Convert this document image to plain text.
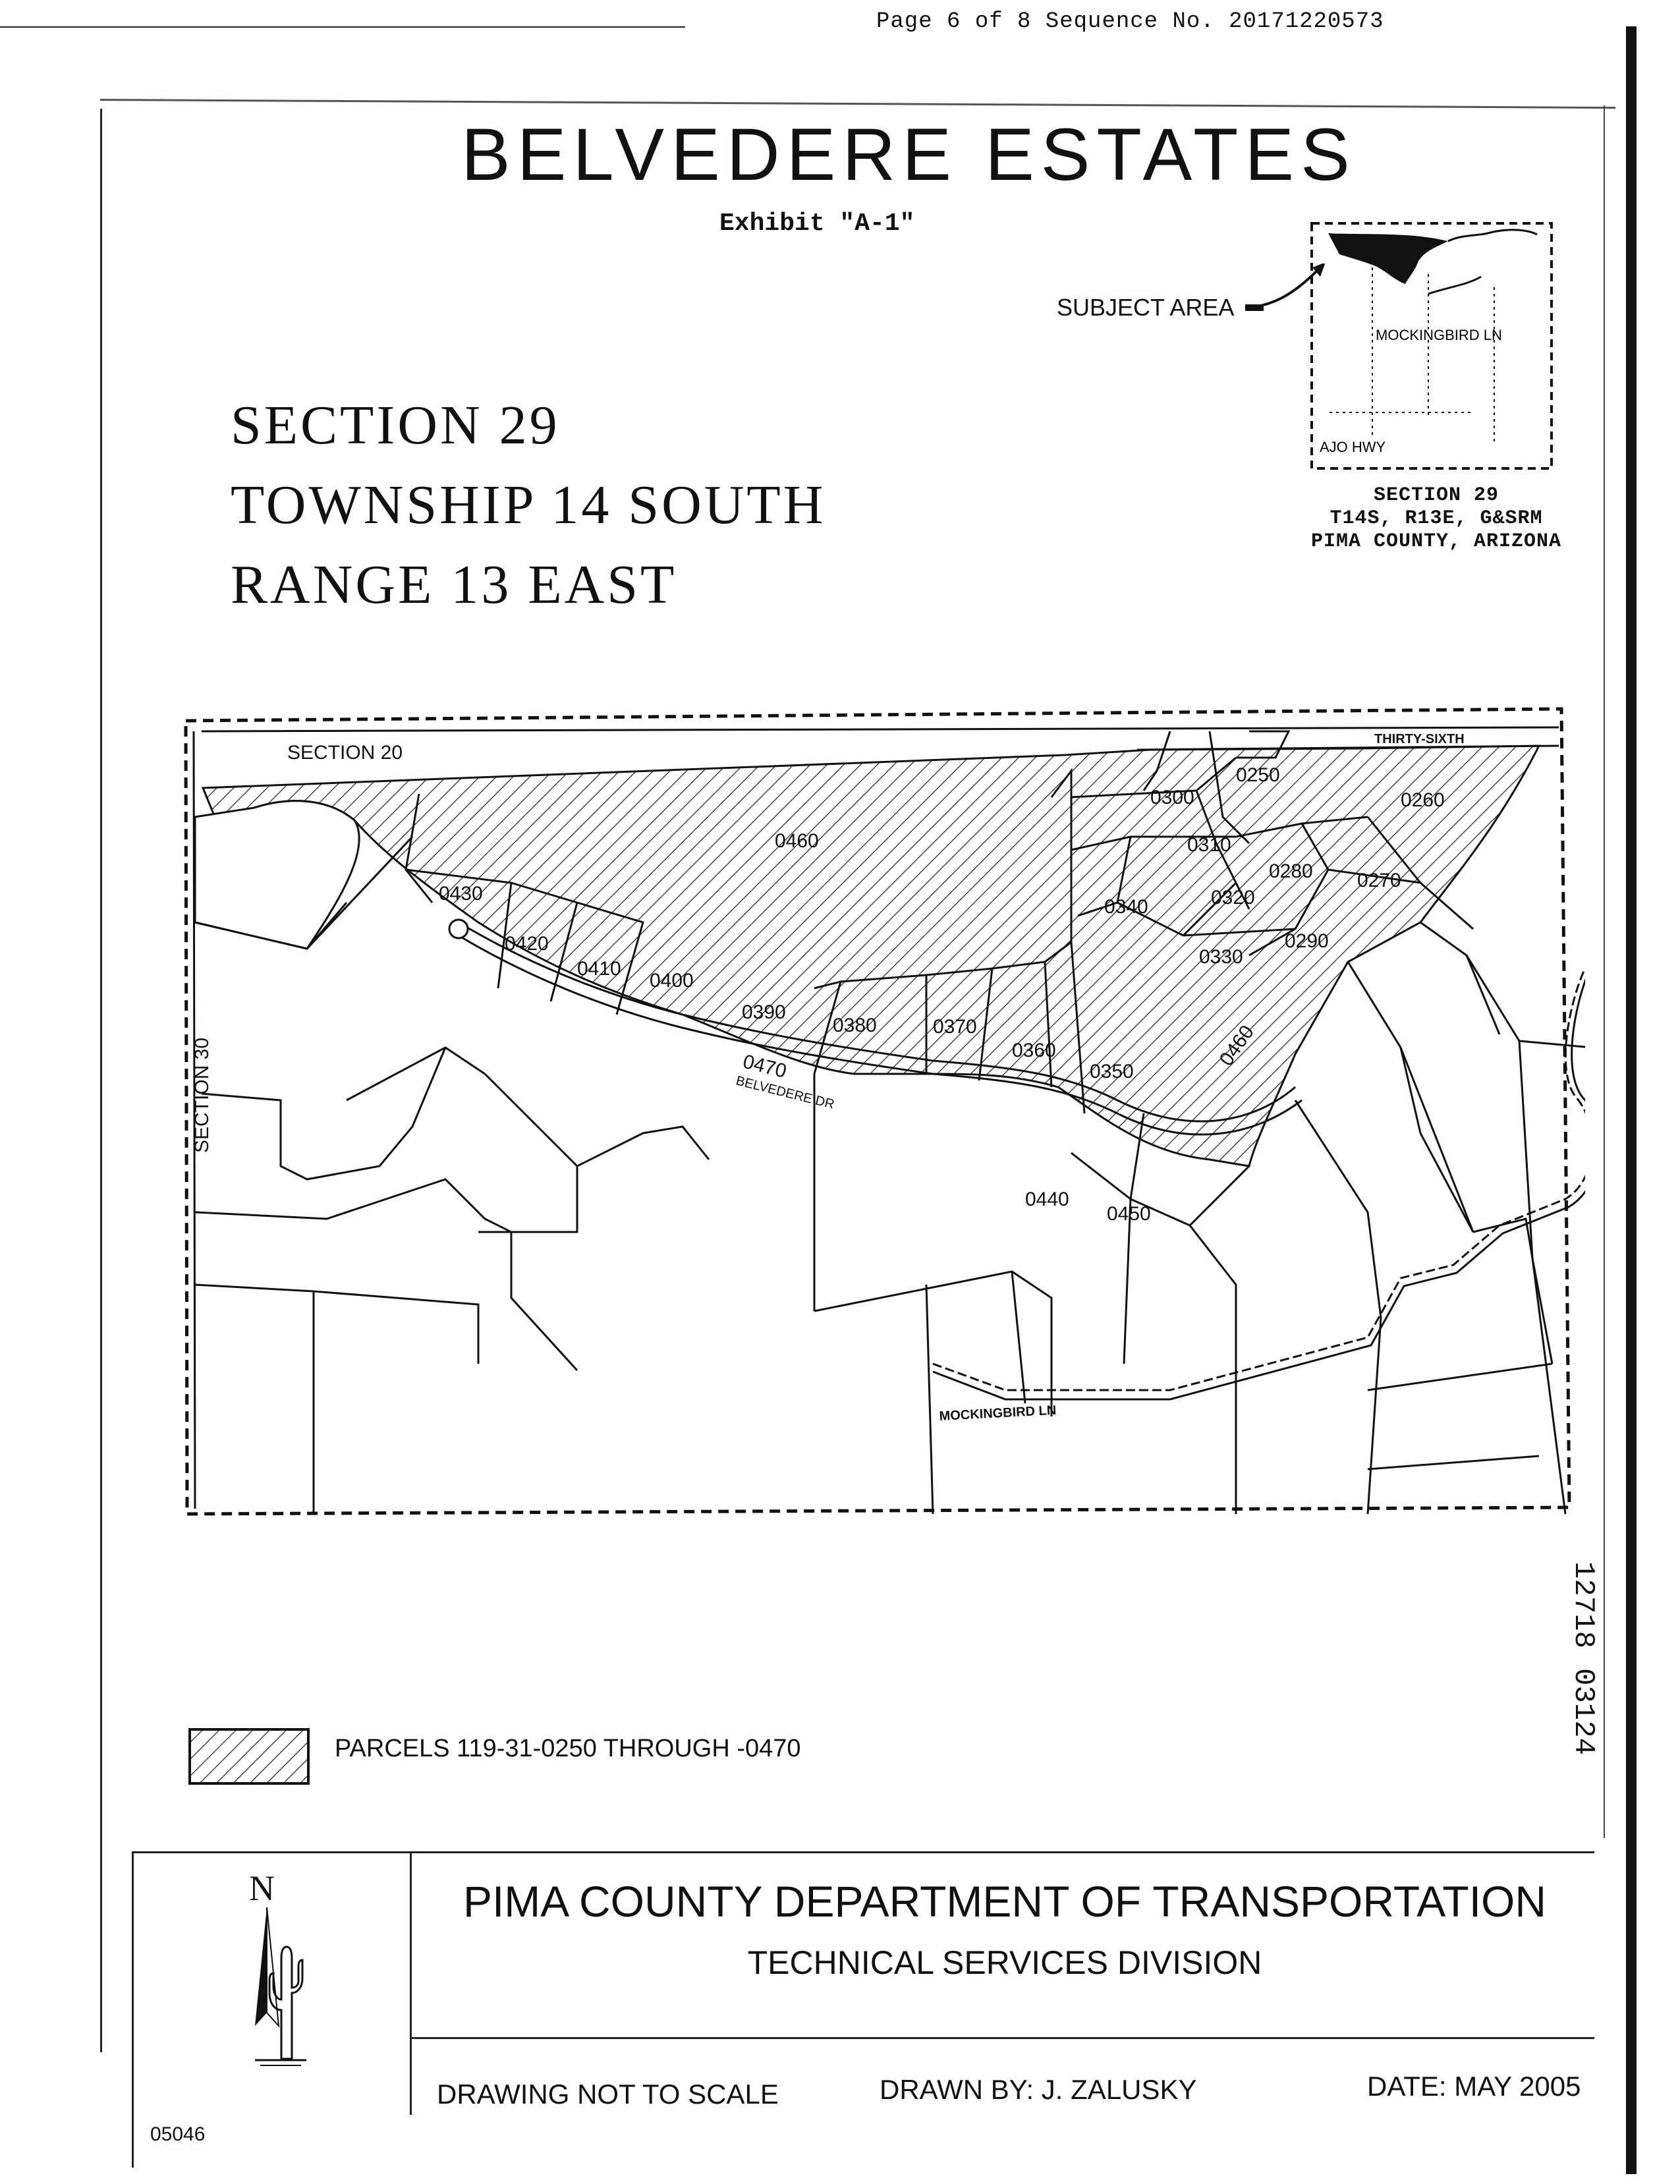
Page 6 of 8 Sequence No. 20171220573
BELVEDERE ESTATES
Exhibit "A-1"
SECTION 29
TOWNSHIP 14 SOUTH
RANGE 13 EAST
SUBJECT AREA
MOCKINGBIRD LN
AJO HWY
SECTION 29
T14S, R13E, G&SRM
PIMA COUNTY, ARIZONA
SECTION 20
THIRTY-SIXTH
0300
0250
0260
0310
0280 0270
0320
0340
0290
0330
0460
0430
0420
0410
0400
0390
0380	0370
0360
0350
0440
0450
0460
0470
BELVEDERE DR
MOCKINGBIRD LN
SECTION 30
PARCELS 119-31-0250 THROUGH -0470
12718
03124
N	PIMA COUNTY DEPARTMENT OF TRANSPORTATION
TECHNICAL SERVICES DIVISION
DRAWING NOT TO SCALE	DRAWN BY: J. ZALUSKY	DATE: MAY 2005
05046
